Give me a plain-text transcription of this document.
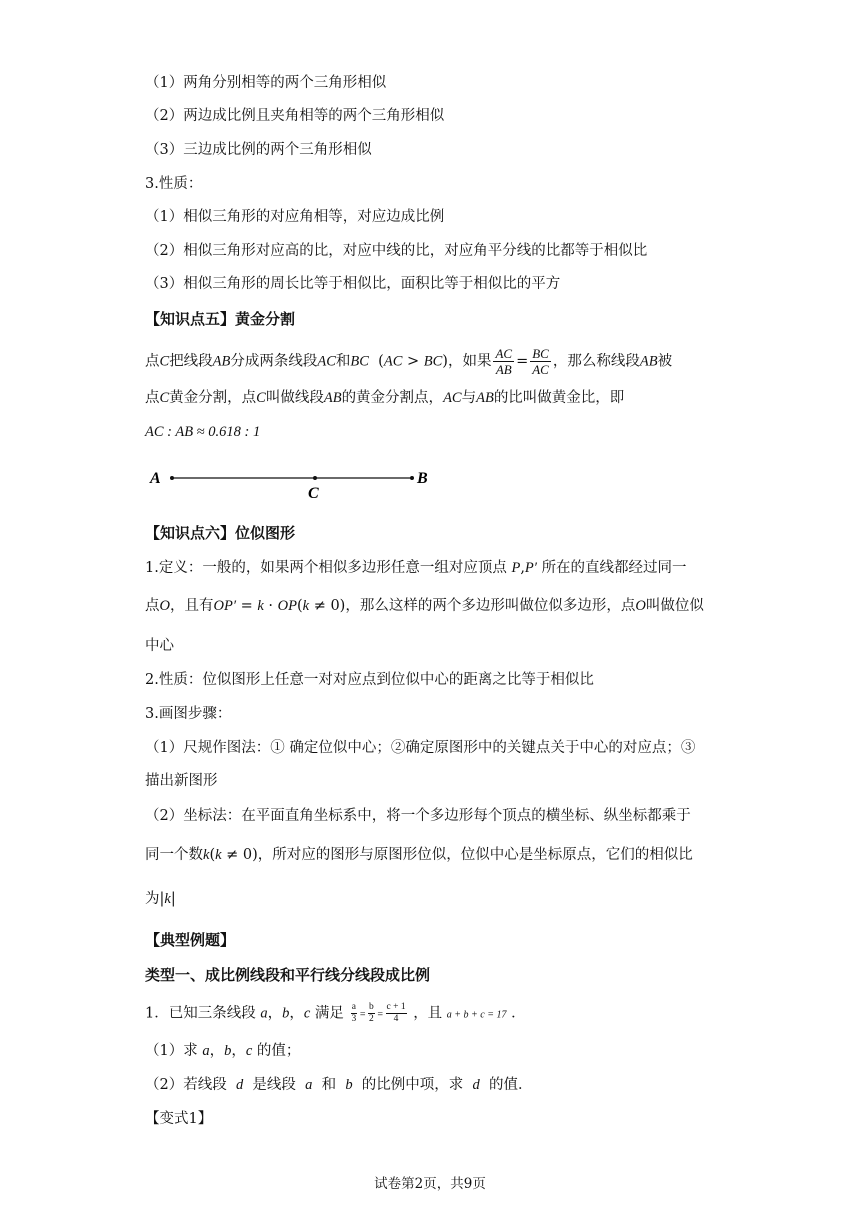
（1）两角分别相等的两个三角形相似
（2）两边成比例且夹角相等的两个三角形相似
（3）三边成比例的两个三角形相似
3.性质：
（1）相似三角形的对应角相等，对应边成比例
（2）相似三角形对应高的比，对应中线的比，对应角平分线的比都等于相似比
（3）相似三角形的周长比等于相似比，面积比等于相似比的平方
【知识点五】黄金分割
点C把线段AB分成两条线段AC和BC  (AC > BC)，如果 $\frac{AC}{AB} = \frac{BC}{AC}$ ，那么称线段AB被
点C黄金分割，点C叫做线段AB的黄金分割点，AC与AB的比叫做黄金比，即
AC : AB ≈ 0.618 : 1
A	B
C
【知识点六】位似图形
1.定义：一般的，如果两个相似多边形任意一组对应顶点 P,P′ 所在的直线都经过同一
点O，且有OP′ = k · OP(k ≠ 0)，那么这样的两个多边形叫做位似多边形，点O叫做位似
中心
2.性质：位似图形上任意一对对应点到位似中心的距离之比等于相似比
3.画图步骤：
（1）尺规作图法：① 确定位似中心；②确定原图形中的关键点关于中心的对应点；③
描出新图形
（2）坐标法：在平面直角坐标系中，将一个多边形每个顶点的横坐标、纵坐标都乘于
同一个数k(k ≠ 0)，所对应的图形与原图形位似，位似中心是坐标原点，它们的相似比
为|k|
【典型例题】
类型一、成比例线段和平行线分线段成比例
1．已知三条线段 a，b，c 满足 $\frac{a}{3} = \frac{b}{2} = \frac{c + 1}{4}$ ，且 a + b + c = 17 ．
（1）求 a，b，c 的值；
（2）若线段 d 是线段 a 和 b 的比例中项，求 d 的值．
【变式1】
试卷第2页，共9页
